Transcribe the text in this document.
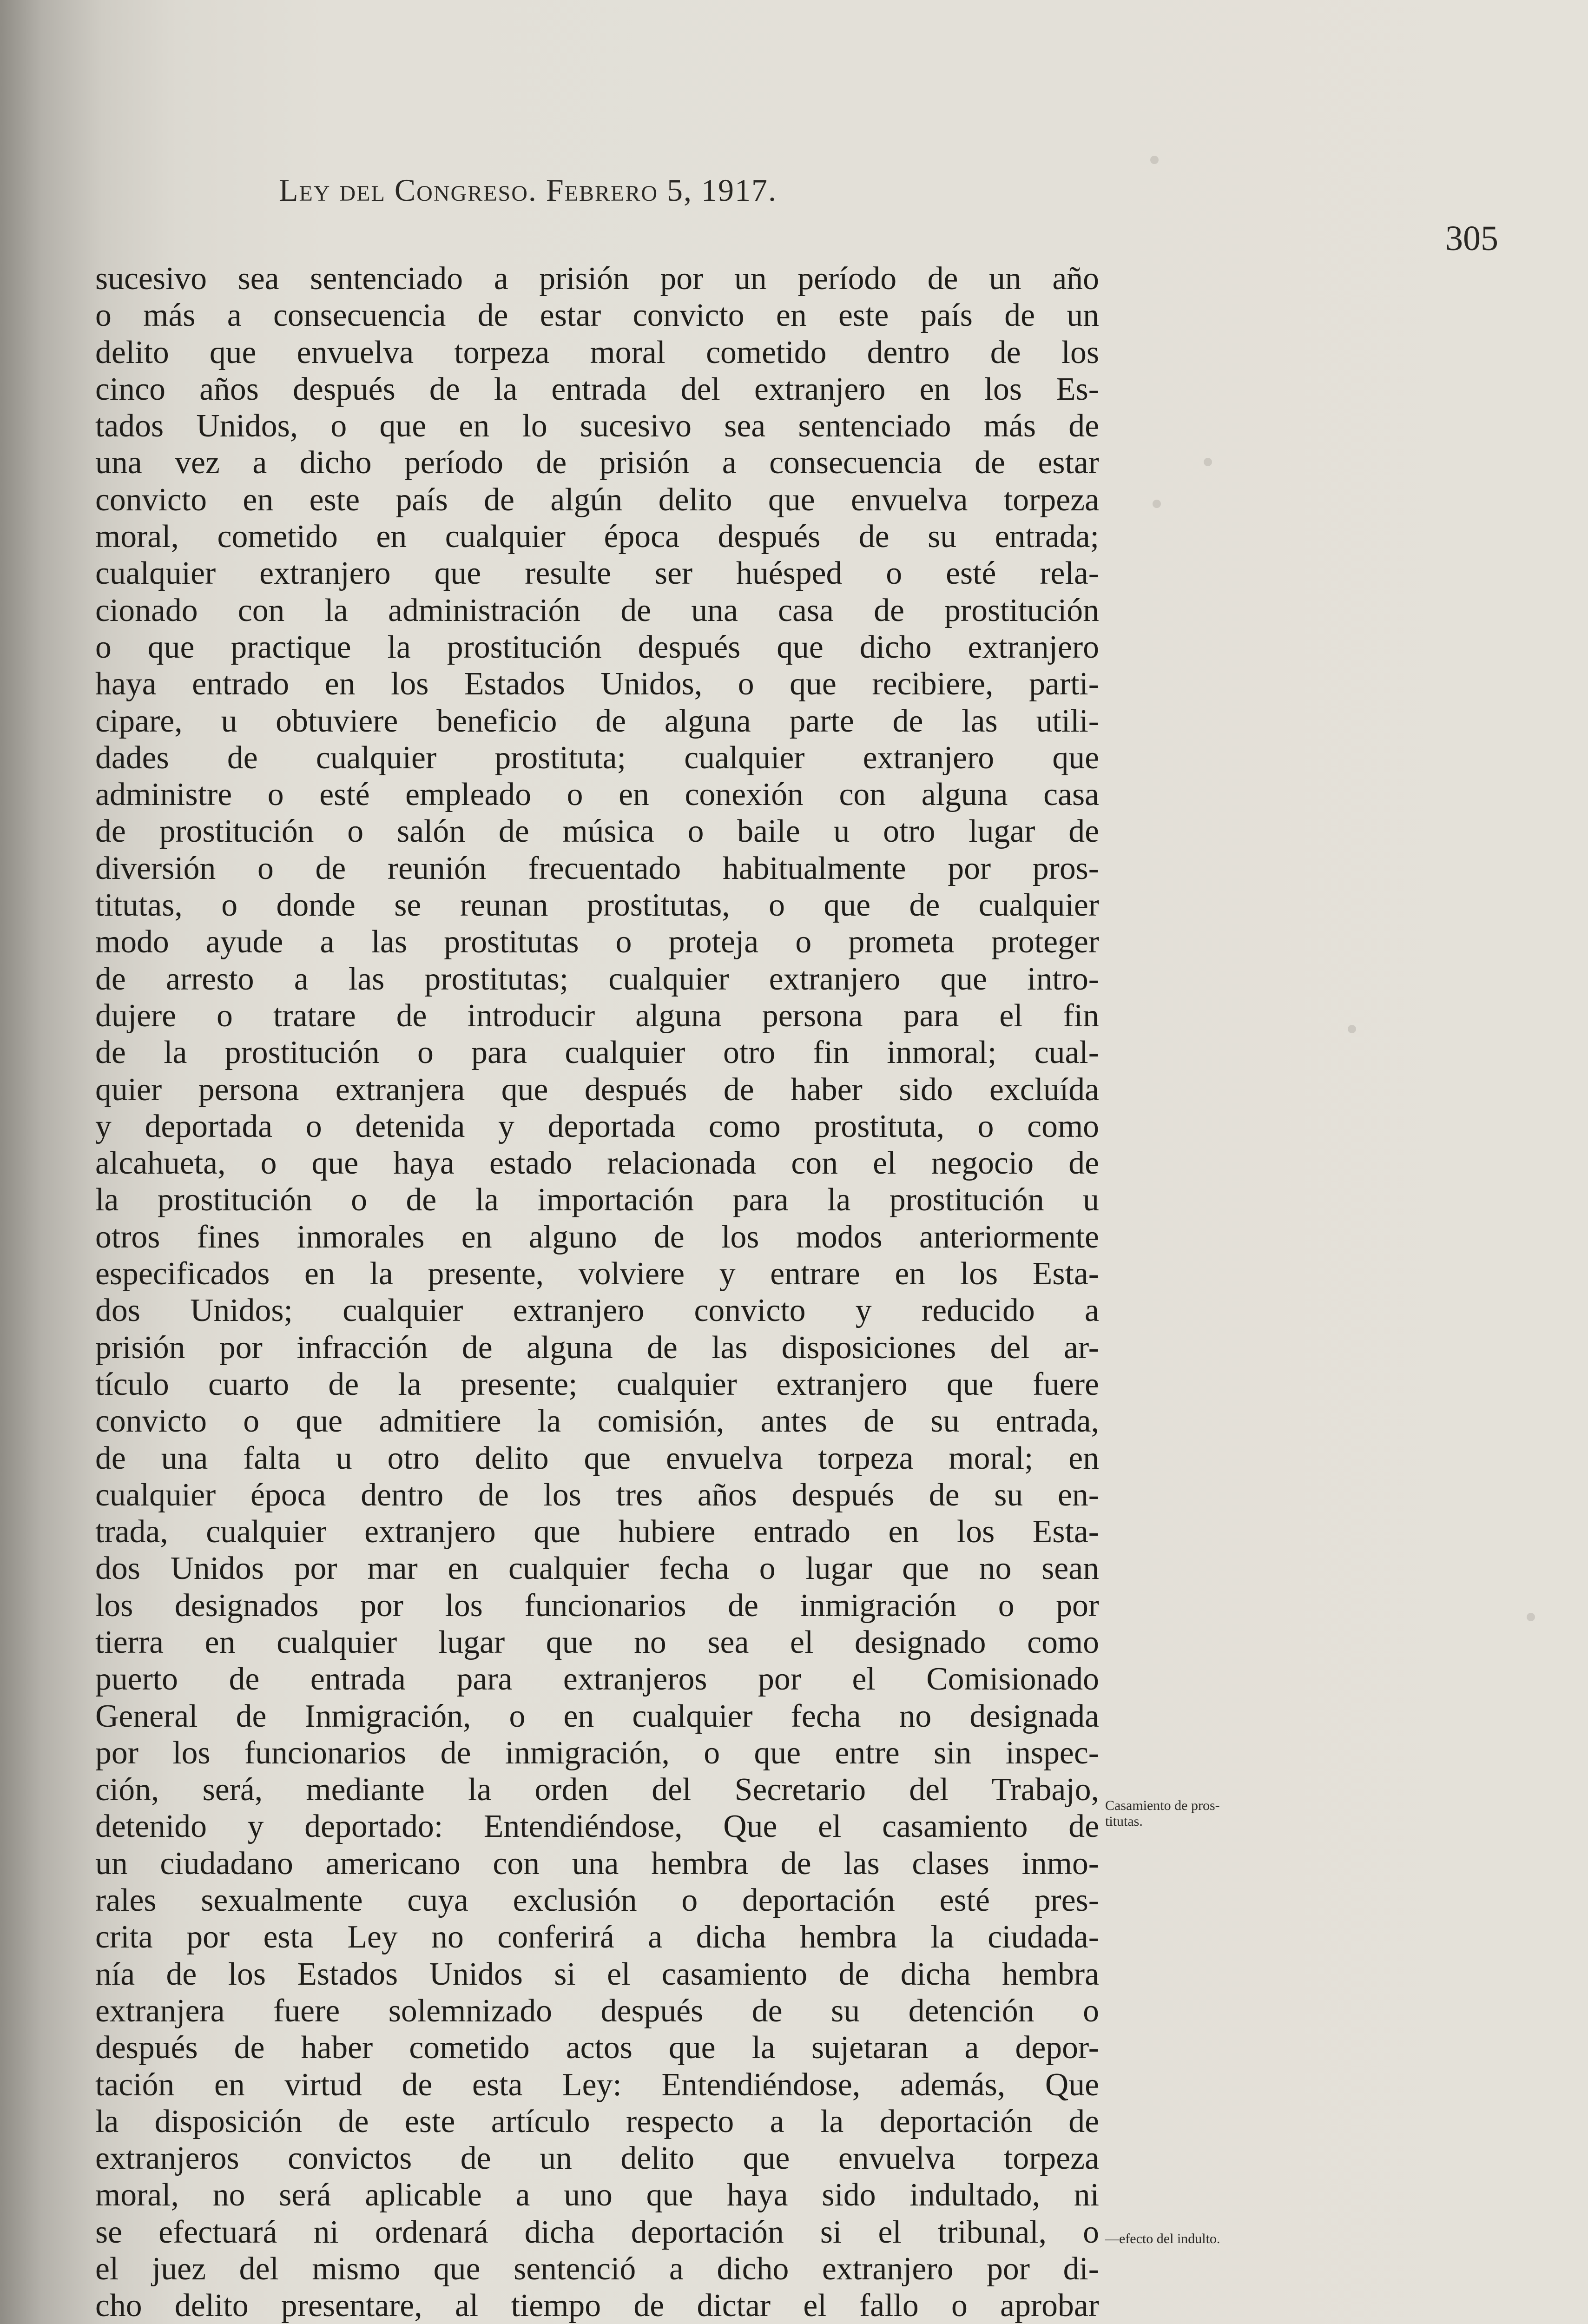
Ley del Congreso. Febrero 5, 1917.
305
sucesivo sea sentenciado a prisión por un período de un año
o más a consecuencia de estar convicto en este país de un
delito que envuelva torpeza moral cometido dentro de los
cinco años después de la entrada del extranjero en los Es-
tados Unidos, o que en lo sucesivo sea sentenciado más de
una vez a dicho período de prisión a consecuencia de estar
convicto en este país de algún delito que envuelva torpeza
moral, cometido en cualquier época después de su entrada;
cualquier extranjero que resulte ser huésped o esté rela-
cionado con la administración de una casa de prostitución
o que practique la prostitución después que dicho extranjero
haya entrado en los Estados Unidos, o que recibiere, parti-
cipare, u obtuviere beneficio de alguna parte de las utili-
dades de cualquier prostituta; cualquier extranjero que
administre o esté empleado o en conexión con alguna casa
de prostitución o salón de música o baile u otro lugar de
diversión o de reunión frecuentado habitualmente por pros-
titutas, o donde se reunan prostitutas, o que de cualquier
modo ayude a las prostitutas o proteja o prometa proteger
de arresto a las prostitutas; cualquier extranjero que intro-
dujere o tratare de introducir alguna persona para el fin
de la prostitución o para cualquier otro fin inmoral; cual-
quier persona extranjera que después de haber sido excluída
y deportada o detenida y deportada como prostituta, o como
alcahueta, o que haya estado relacionada con el negocio de
la prostitución o de la importación para la prostitución u
otros fines inmorales en alguno de los modos anteriormente
especificados en la presente, volviere y entrare en los Esta-
dos Unidos; cualquier extranjero convicto y reducido a
prisión por infracción de alguna de las disposiciones del ar-
tículo cuarto de la presente; cualquier extranjero que fuere
convicto o que admitiere la comisión, antes de su entrada,
de una falta u otro delito que envuelva torpeza moral; en
cualquier época dentro de los tres años después de su en-
trada, cualquier extranjero que hubiere entrado en los Esta-
dos Unidos por mar en cualquier fecha o lugar que no sean
los designados por los funcionarios de inmigración o por
tierra en cualquier lugar que no sea el designado como
puerto de entrada para extranjeros por el Comisionado
General de Inmigración, o en cualquier fecha no designada
por los funcionarios de inmigración, o que entre sin inspec-
ción, será, mediante la orden del Secretario del Trabajo,
detenido y deportado: Entendiéndose, Que el casamiento de
un ciudadano americano con una hembra de las clases inmo-
rales sexualmente cuya exclusión o deportación esté pres-
crita por esta Ley no conferirá a dicha hembra la ciudada-
nía de los Estados Unidos si el casamiento de dicha hembra
extranjera fuere solemnizado después de su detención o
después de haber cometido actos que la sujetaran a depor-
tación en virtud de esta Ley: Entendiéndose, además, Que
la disposición de este artículo respecto a la deportación de
extranjeros convictos de un delito que envuelva torpeza
moral, no será aplicable a uno que haya sido indultado, ni
se efectuará ni ordenará dicha deportación si el tribunal, o
el juez del mismo que sentenció a dicho extranjero por di-
cho delito presentare, al tiempo de dictar el fallo o aprobar
Casamiento de pros-
titutas.
—efecto del indulto.
